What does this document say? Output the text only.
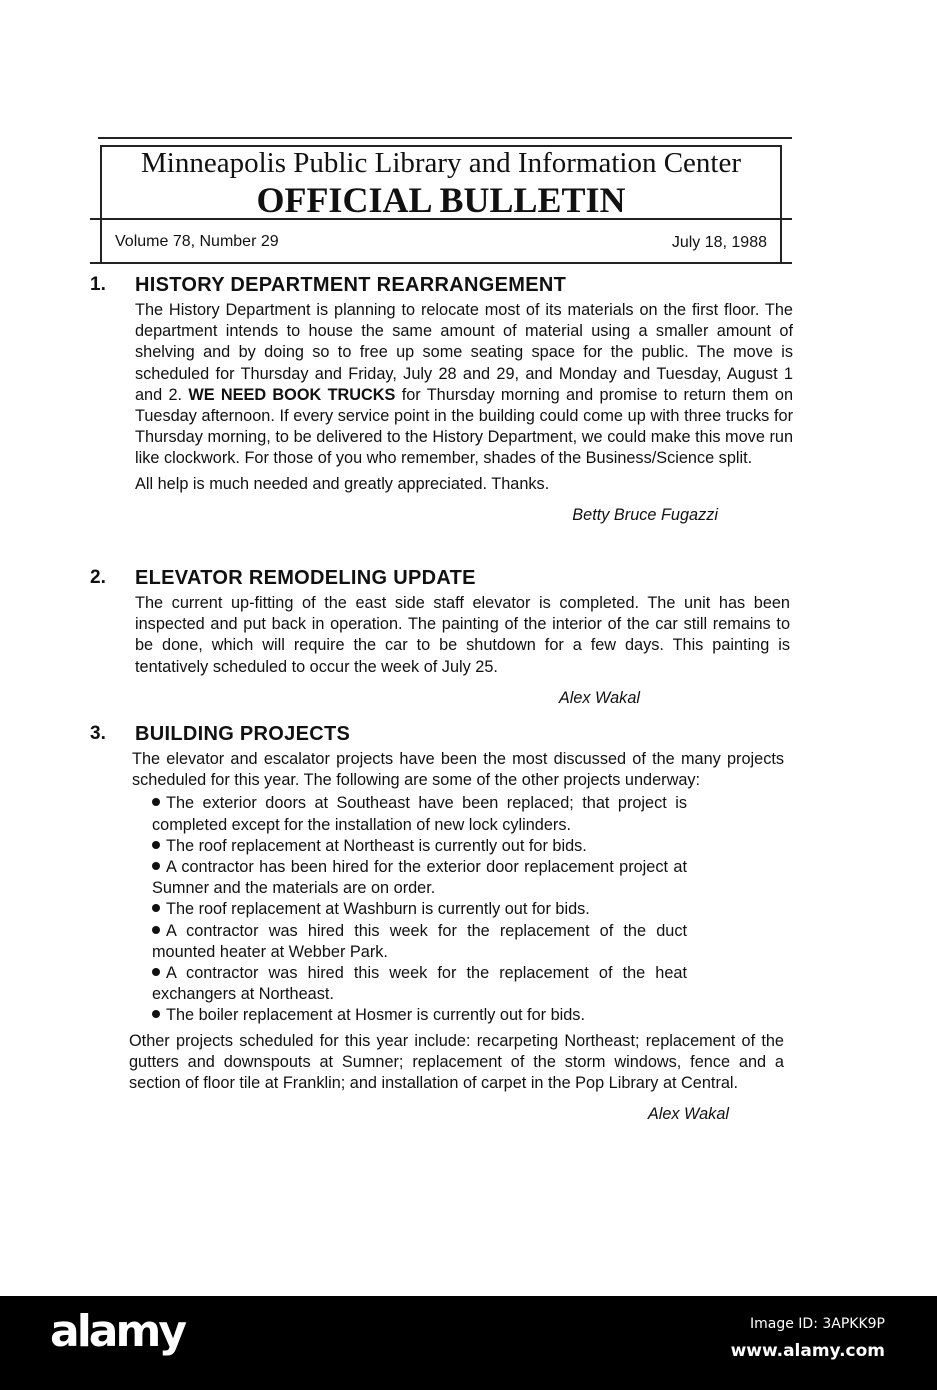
Minneapolis Public Library and Information Center
OFFICIAL BULLETIN
Volume 78, Number 29	July 18, 1988
1. HISTORY DEPARTMENT REARRANGEMENT

The History Department is planning to relocate most of its materials on the first floor. The department intends to house the same amount of material using a smaller amount of shelving and by doing so to free up some seating space for the public. The move is scheduled for Thursday and Friday, July 28 and 29, and Monday and Tuesday, August 1 and 2. WE NEED BOOK TRUCKS for Thursday morning and promise to return them on Tuesday afternoon. If every service point in the building could come up with three trucks for Thursday morning, to be delivered to the History Department, we could make this move run like clockwork. For those of you who remember, shades of the Business/Science split.

All help is much needed and greatly appreciated. Thanks.

Betty Bruce Fugazzi

2. ELEVATOR REMODELING UPDATE

The current up-fitting of the east side staff elevator is completed. The unit has been inspected and put back in operation. The painting of the interior of the car still remains to be done, which will require the car to be shutdown for a few days. This painting is tentatively scheduled to occur the week of July 25.

Alex Wakal

3. BUILDING PROJECTS

The elevator and escalator projects have been the most discussed of the many projects scheduled for this year. The following are some of the other projects underway:

The exterior doors at Southeast have been replaced; that project is completed except for the installation of new lock cylinders.
The roof replacement at Northeast is currently out for bids.
A contractor has been hired for the exterior door replacement project at Sumner and the materials are on order.
The roof replacement at Washburn is currently out for bids.
A contractor was hired this week for the replacement of the duct mounted heater at Webber Park.
A contractor was hired this week for the replacement of the heat exchangers at Northeast.
The boiler replacement at Hosmer is currently out for bids.

Other projects scheduled for this year include: recarpeting Northeast; replacement of the gutters and downspouts at Sumner; replacement of the storm windows, fence and a section of floor tile at Franklin; and installation of carpet in the Pop Library at Central.

Alex Wakal

alamy	Image ID: 3APKK9P
www.alamy.com
